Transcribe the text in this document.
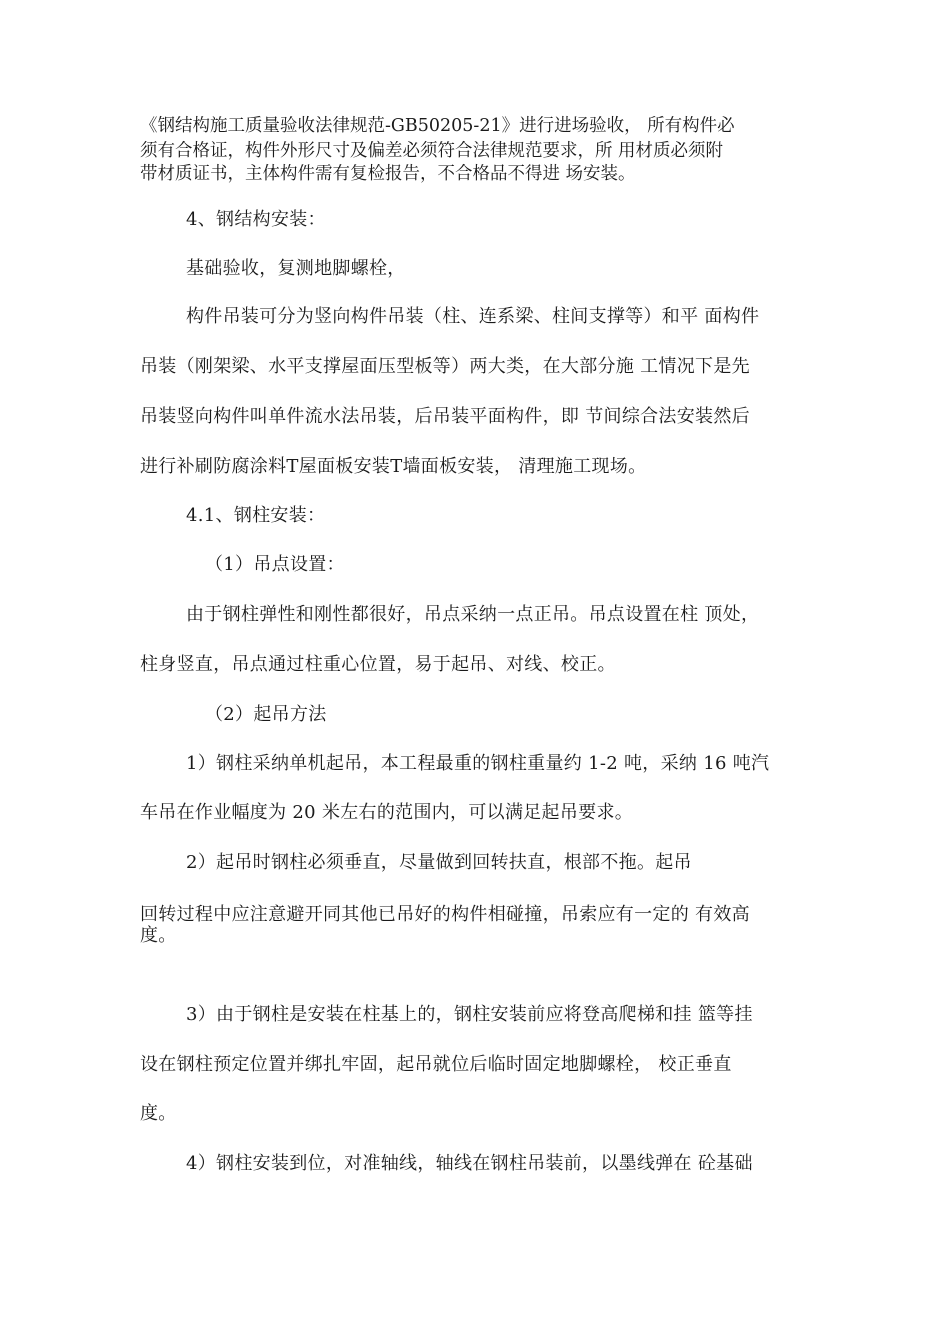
《钢结构施工质量验收法律规范-GB50205-21》进行进场验收， 所有构件必
须有合格证，构件外形尺寸及偏差必须符合法律规范要求，所 用材质必须附
带材质证书，主体构件需有复检报告，不合格品不得进 场安装。
4、钢结构安装：
基础验收，复测地脚螺栓，
构件吊装可分为竖向构件吊装（柱、连系梁、柱间支撑等）和平 面构件
吊装（刚架梁、水平支撑屋面压型板等）两大类，在大部分施 工情况下是先
吊装竖向构件叫单件流水法吊装，后吊装平面构件，即 节间综合法安装然后
进行补刷防腐涂料T屋面板安装T墙面板安装， 清理施工现场。
4.1、钢柱安装：
（1）吊点设置：
由于钢柱弹性和刚性都很好，吊点采纳一点正吊。吊点设置在柱 顶处，
柱身竖直，吊点通过柱重心位置，易于起吊、对线、校正。
（2）起吊方法
1）钢柱采纳单机起吊，本工程最重的钢柱重量约 1-2 吨，采纳 16 吨汽
车吊在作业幅度为 20 米左右的范围内，可以满足起吊要求。
2）起吊时钢柱必须垂直，尽量做到回转扶直，根部不拖。起吊
回转过程中应注意避开同其他已吊好的构件相碰撞，吊索应有一定的 有效高
度。
3）由于钢柱是安装在柱基上的，钢柱安装前应将登高爬梯和挂 篮等挂
设在钢柱预定位置并绑扎牢固，起吊就位后临时固定地脚螺栓， 校正垂直
度。
4）钢柱安装到位，对准轴线，轴线在钢柱吊装前，以墨线弹在 砼基础
